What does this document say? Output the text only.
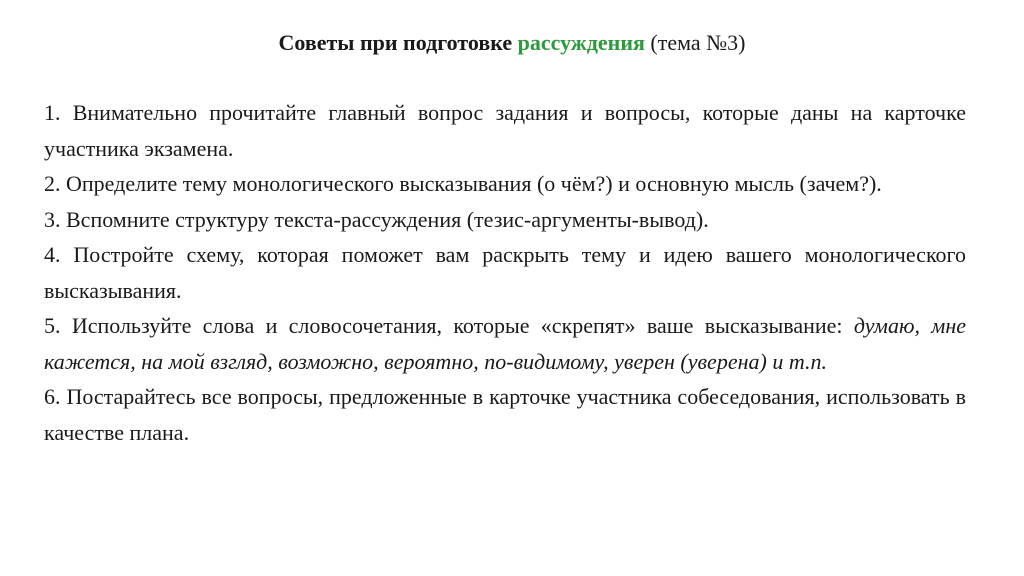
Советы при подготовке рассуждения (тема №3)

1. Внимательно прочитайте главный вопрос задания и вопросы, которые даны на карточке участника экзамена.

2. Определите тему монологического высказывания (о чём?) и основную мысль (зачем?).

3. Вспомните структуру текста-рассуждения (тезис-аргументы-вывод).

4. Постройте схему, которая поможет вам раскрыть тему и идею вашего монологического высказывания.

5. Используйте слова и словосочетания, которые «скрепят» ваше высказывание: думаю, мне кажется, на мой взгляд, возможно, вероятно, по-видимому, уверен (уверена) и т.п.

6. Постарайтесь все вопросы, предложенные в карточке участника собеседования, использовать в качестве плана.
